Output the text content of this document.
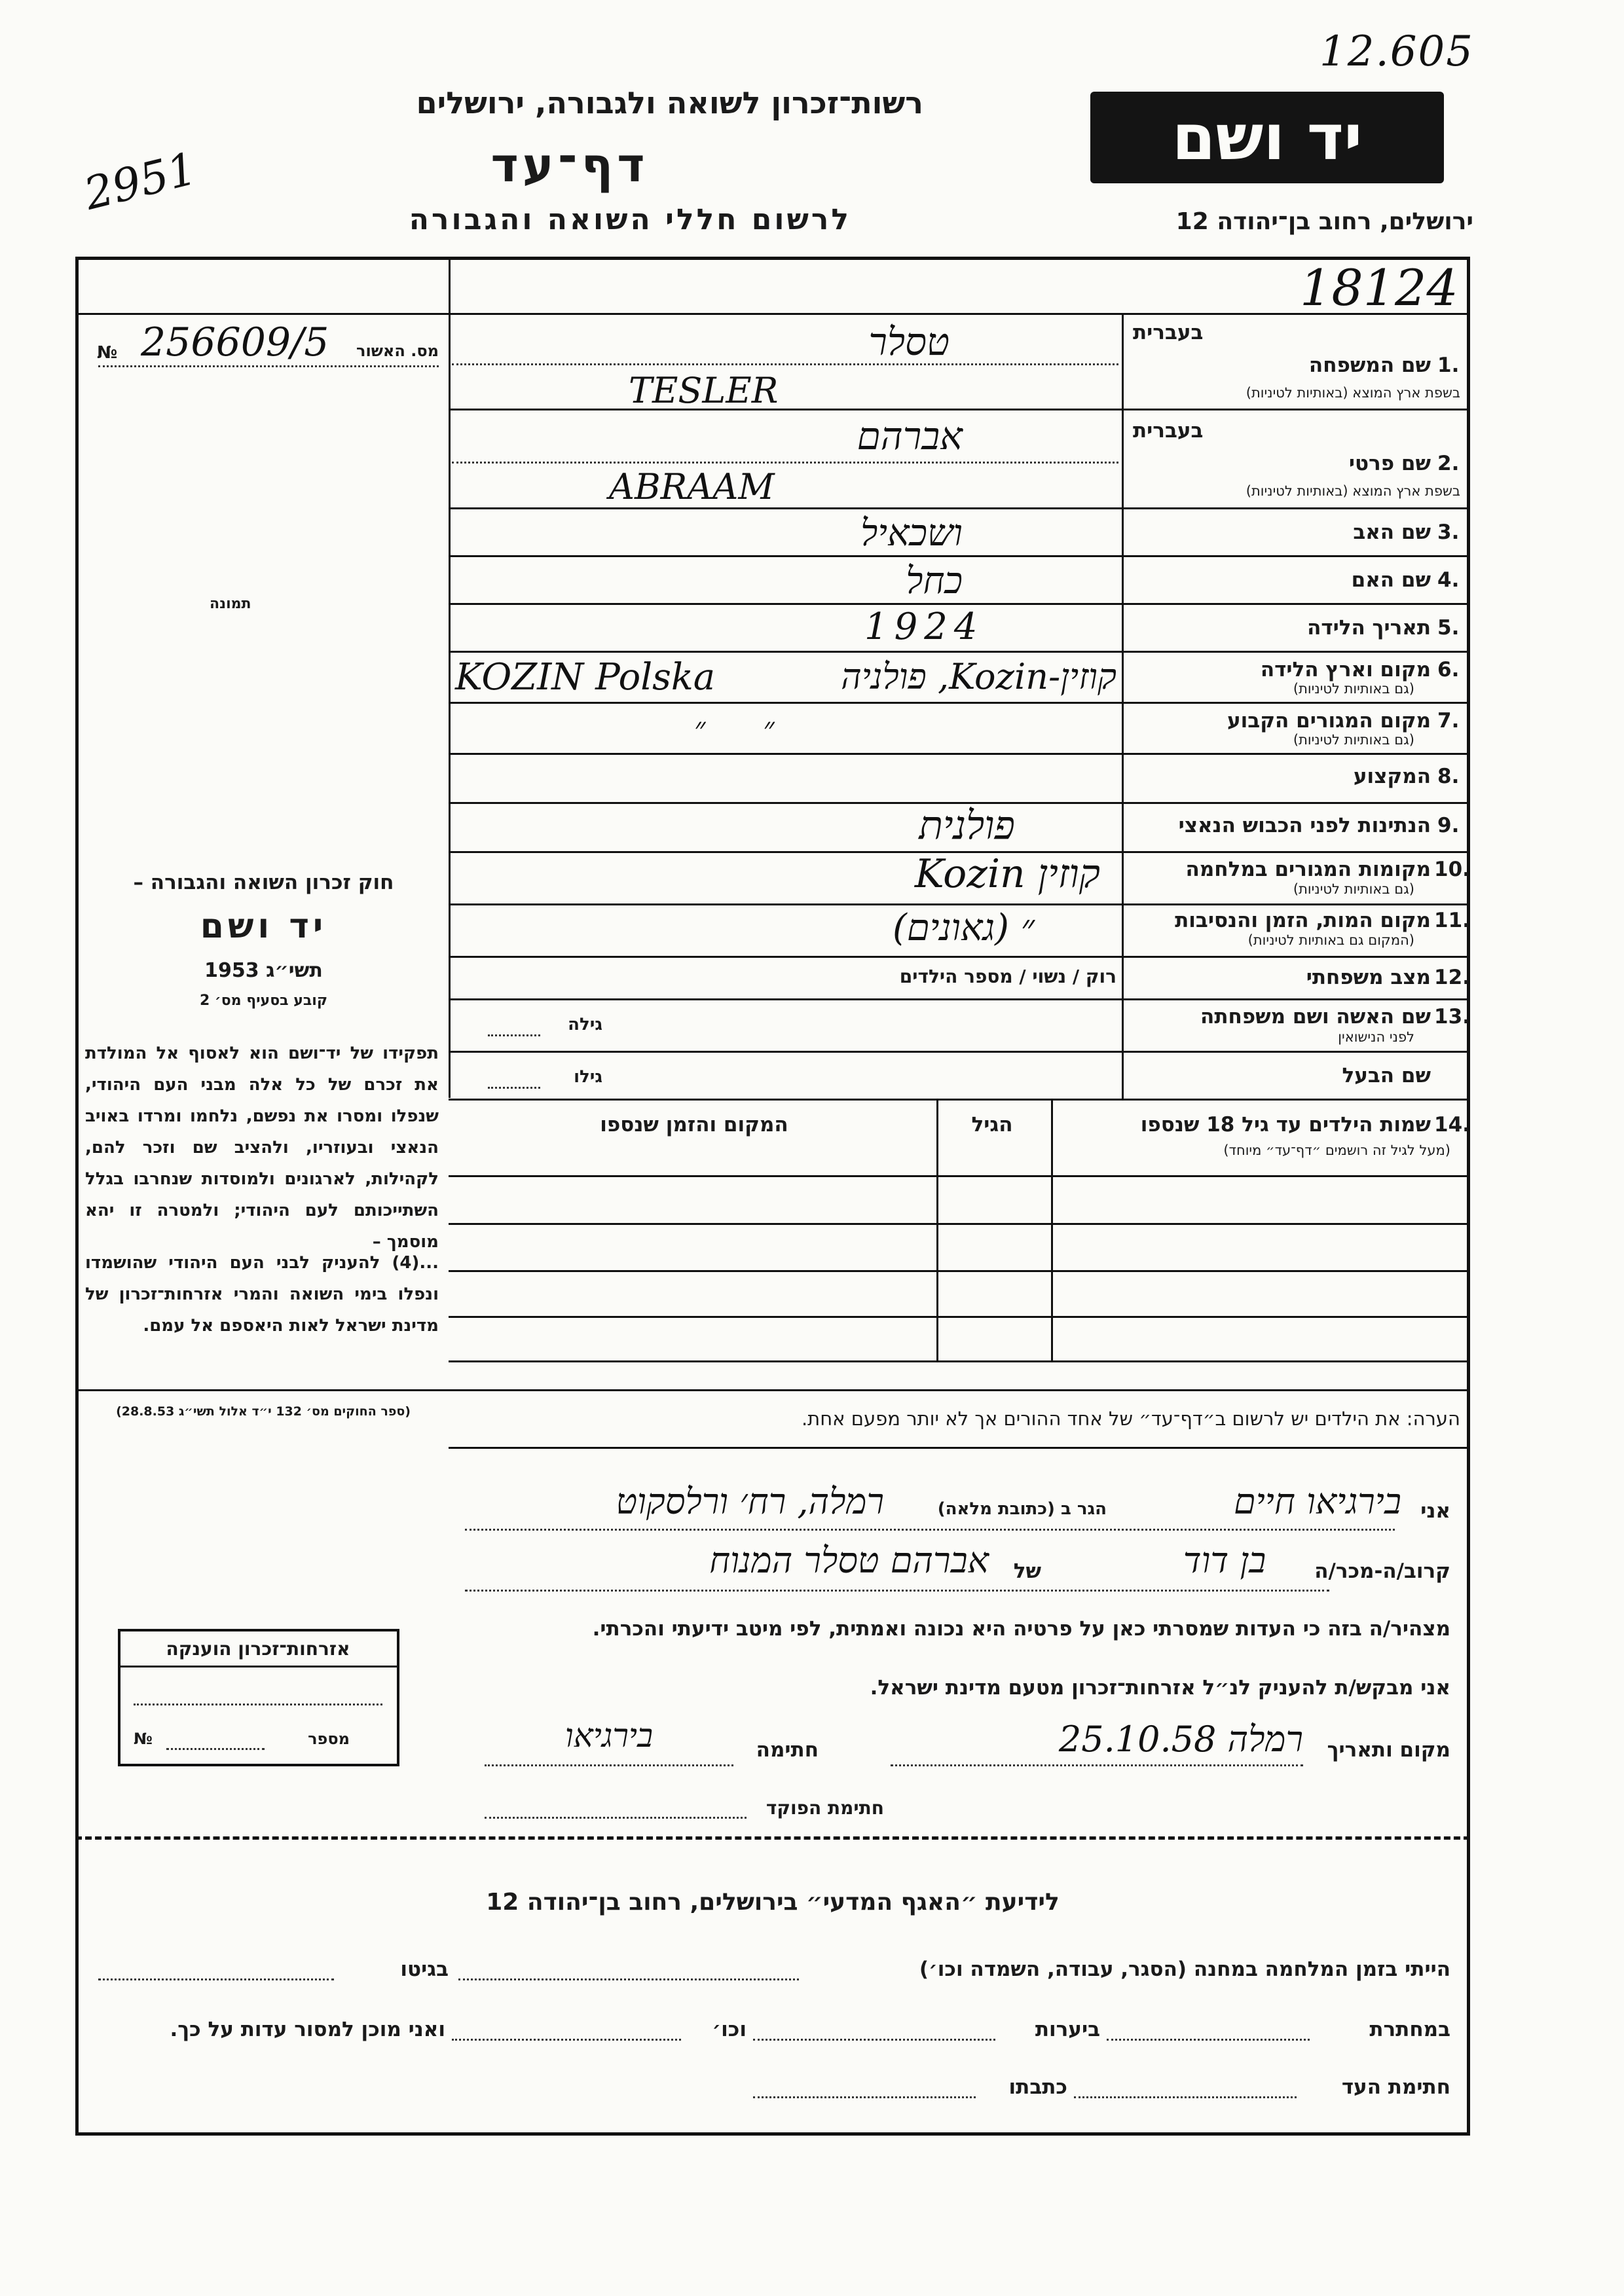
12.605
רשות־זכרון לשואה ולגבורה, ירושלים
דף־עד
לרשום חללי השואה והגבורה
2951
יד ושם
ירושלים, רחוב בן־יהודה 12
18124
מס. האשור
256609/5
№
תמונה
בעברית
1.
שם המשפחה
בשפת ארץ המוצא (באותיות לטיניות)
טסלר
TESLER
בעברית
2.
שם פרטי
בשפת ארץ המוצא (באותיות לטיניות)
אברהם
ABRAAM
3.
שם האב
ושכאיל
4.
שם האם
כחל
5.
תאריך הלידה
1924
6.
מקום וארץ הלידה
(גם באותיות לטיניות)
KOZIN Polska	קוזין-Kozin, פולניה
7.
מקום המגורים הקבוע
(גם באותיות לטיניות)
״      ״
8.
המקצוע
9.
הנתינות לפני הכבוש הנאצי
פולנית
10.
מקומות המגורים במלחמה
(גם באותיות לטיניות)
קוזין Kozin
11.
מקום המות, הזמן והנסיבות
(המקום גם באותיות לטיניות)
״ (גאונים)
12.
מצב משפחתי
רוק / נשוי / מספר הילדים
13.
שם האשה ושם משפחתה
לפני הנישואין
גילה
שם הבעל
גילו
חוק זכרון השואה והגבורה –
יד ושם
תשי״ג 1953
קובע בסעיף מס׳ 2
תפקידו של יד־ושם הוא לאסוף אל המולדת את זכרם של כל אלה מבני העם היהודי, שנפלו ומסרו את נפשם, נלחמו ומרדו באויב הנאצי ובעוזריו, ולהציב שם וזכר להם, לקהילות, לארגונים ולמוסדות שנחרבו בגלל השתייכותם לעם היהודי; ולמטרה זו יהא מוסמך –
...(4) להעניק לבני העם היהודי שהושמדו ונפלו בימי השואה והמרי אזרחות־זכרון של מדינת ישראל לאות היאספם אל עמם.
(ספר החוקים מס׳ 132 י״ד אלול תשי״ג 28.8.53)
14.
שמות הילדים עד גיל 18 שנספו
(מעל לגיל זה רושמים ״דף־עד״ מיוחד)
הגיל
המקום והזמן שנספו
הערה: את הילדים יש לרשום ב״דף־עד״ של אחד ההורים אך לא יותר מפעם אחת.
אני
בירגיאו חיים
הגר ב (כתובת מלאה)
רמלה, רח׳ ורלסקוט
קרוב/ה-מכר/ה
בן דוד
של
אברהם טסלר המנוח
מצהיר/ה בזה כי העדות שמסרתי כאן על פרטיה היא נכונה ואמתית, לפי מיטב ידיעתי והכרתי.
אני מבקש/ת להעניק לנ״ל אזרחות־זכרון מטעם מדינת ישראל.
מקום ותאריך
רמלה 25.10.58
חתימה
בירגיאו
חתימת הפוקד
אזרחות־זכרון הוענקה
מספר
№
לידיעת ״האגף המדעי״ בירושלים, רחוב בן־יהודה 12
הייתי בזמן המלחמה במחנה (הסגר, עבודה, השמדה וכו׳)
בגיטו
במחתרת
ביערות
וכו׳
ואני מוכן למסור עדות על כך.
חתימת העד
כתבתו
